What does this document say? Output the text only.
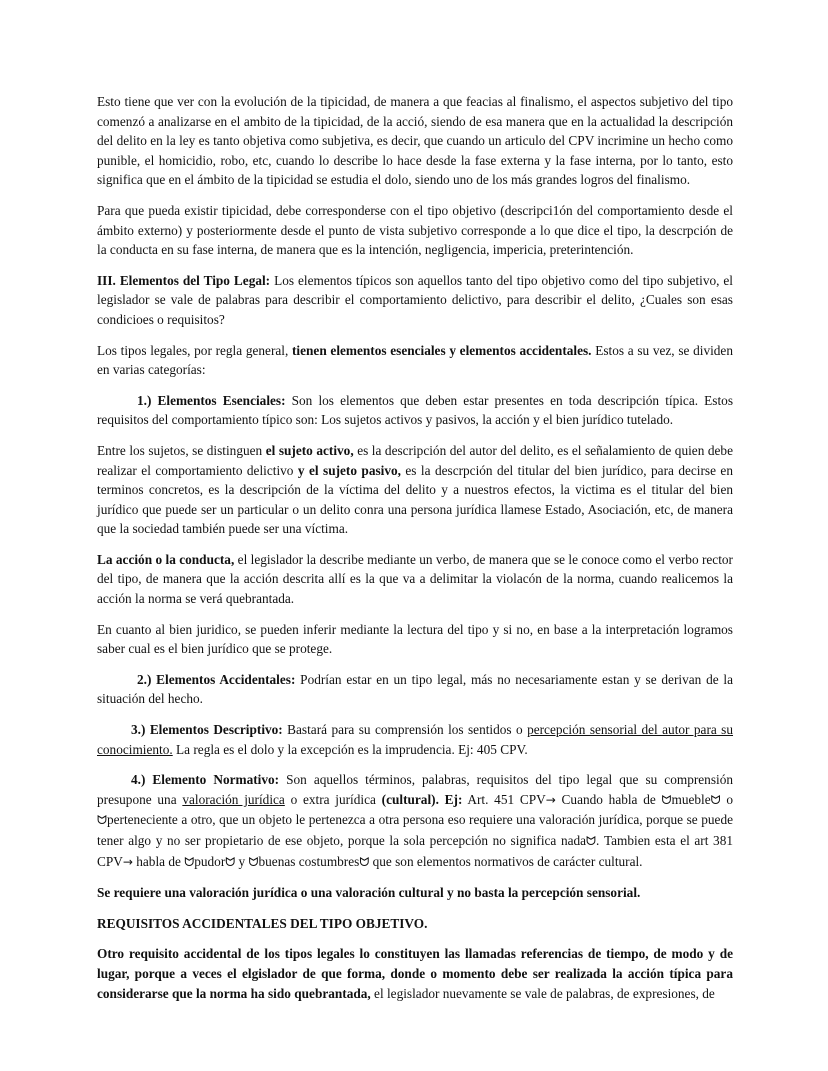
Esto tiene que ver con la evolución de la tipicidad, de manera a que feacias al finalismo, el aspectos subjetivo del tipo comenzó a analizarse en el ambito de la tipicidad, de la acció, siendo de esa manera que en la actualidad la descripción del delito en la ley es tanto objetiva como subjetiva, es decir, que cuando un articulo del CPV incrimine un hecho como punible, el homicidio, robo, etc, cuando lo describe lo hace desde la fase externa y la fase interna, por lo tanto, esto significa que en el ámbito de la tipicidad se estudia el dolo, siendo uno de los más grandes logros del finalismo.

Para que pueda existir tipicidad, debe corresponderse con el tipo objetivo (descripci1ón del comportamiento desde el ámbito externo) y posteriormente desde el punto de vista subjetivo corresponde a lo que dice el tipo, la descrpción de la conducta en su fase interna, de manera que es la intención, negligencia, impericia, preterintención.

III. Elementos del Tipo Legal: Los elementos típicos son aquellos tanto del tipo objetivo como del tipo subjetivo, el legislador se vale de palabras para describir el comportamiento delictivo, para describir el delito, ¿Cuales son esas condicioes o requisitos?

Los tipos legales, por regla general, tienen elementos esenciales y elementos accidentales. Estos a su vez, se dividen en varias categorías:

1.) Elementos Esenciales: Son los elementos que deben estar presentes en toda descripción típica. Estos requisitos del comportamiento típico son: Los sujetos activos y pasivos, la acción y el bien jurídico tutelado.

Entre los sujetos, se distinguen el sujeto activo, es la descripción del autor del delito, es el señalamiento de quien debe realizar el comportamiento delictivo y el sujeto pasivo, es la descrpción del titular del bien jurídico, para decirse en terminos concretos, es la descripción de la víctima del delito y a nuestros efectos, la victima es el titular del bien jurídico que puede ser un particular o un delito conra una persona jurídica llamese Estado, Asociación, etc, de manera que la sociedad también puede ser una víctima.

La acción o la conducta, el legislador la describe mediante un verbo, de manera que se le conoce como el verbo rector del tipo, de manera que la acción descrita allí es la que va a delimitar la violacón de la norma, cuando realicemos la acción la norma se verá quebrantada.

En cuanto al bien juridico, se pueden inferir mediante la lectura del tipo y si no, en base a la interpretación logramos saber cual es el bien jurídico que se protege.

2.) Elementos Accidentales: Podrían estar en un tipo legal, más no necesariamente estan y se derivan de la situación del hecho.

3.) Elementos Descriptivo: Bastará para su comprensión los sentidos o percepción sensorial del autor para su conocimiento. La regla es el dolo y la excepción es la imprudencia. Ej: 405 CPV.

4.) Elemento Normativo: Son aquellos términos, palabras, requisitos del tipo legal que su comprensión presupone una valoración jurídica o extra jurídica (cultural). Ej: Art. 451 CPV→ Cuando habla de ᗢmuebleᗢ o ᗢperteneciente a otro, que un objeto le pertenezca a otra persona eso requiere una valoración jurídica, porque se puede tener algo y no ser propietario de ese objeto, porque la sola percepción no significa nadaᗢ. Tambien esta el art 381 CPV→ habla de ᗢpudorᗢ y ᗢbuenas costumbresᗢ que son elementos normativos de carácter cultural.

Se requiere una valoración jurídica o una valoración cultural y no basta la percepción sensorial.

REQUISITOS ACCIDENTALES DEL TIPO OBJETIVO.

Otro requisito accidental de los tipos legales lo constituyen las llamadas referencias de tiempo, de modo y de lugar, porque a veces el elgislador de que forma, donde o momento debe ser realizada la acción típica para considerarse que la norma ha sido quebrantada, el legislador nuevamente se vale de palabras, de expresiones, de
